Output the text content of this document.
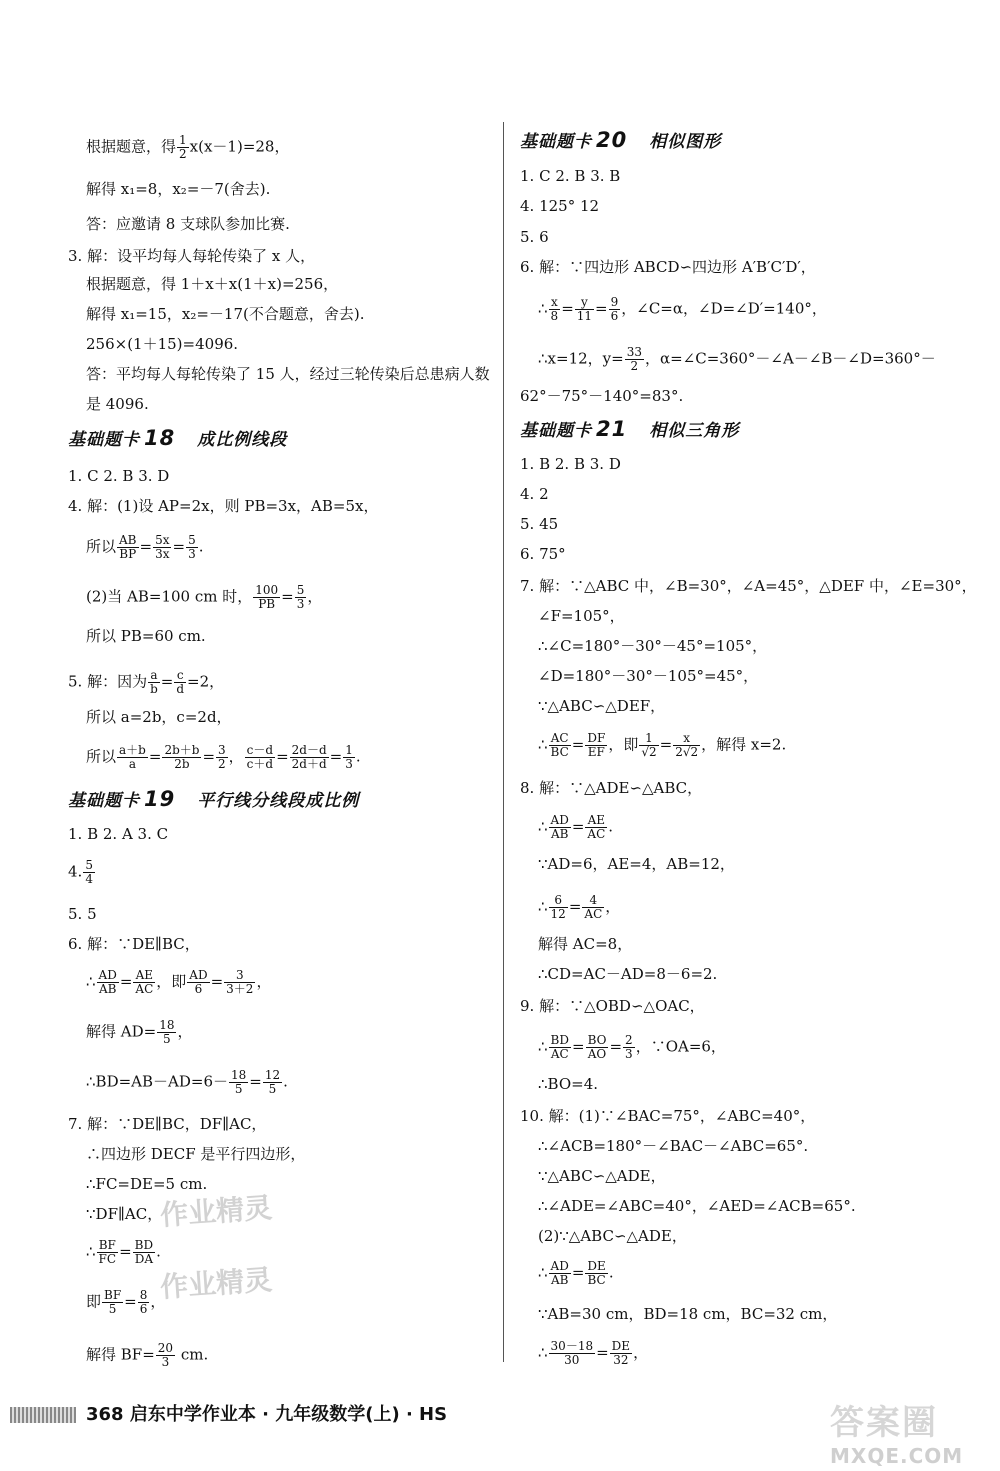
根据题意，得 $\frac{1}{2} x(x-1)=28$，
解得 x₁=8，x₂=－7(舍去).
答：应邀请 8 支球队参加比赛.
3. 解：设平均每人每轮传染了 x 人，
根据题意，得 1＋x＋x(1＋x)=256，
解得 x₁=15，x₂=－17(不合题意，舍去).
256×(1＋15)=4096.
答：平均每人每轮传染了 15 人，经过三轮传染后总患病人数
是 4096.
基础题卡 18 成比例线段
1. C 2. B 3. D
4. 解：(1)设 AP=2x，则 PB=3x，AB=5x，
所以 $\frac{AB}{BP} = \frac{5x}{3x} = \frac{5}{3}$ .
(2)当 AB=100 cm 时， $\frac{100}{PB} = \frac{5}{3}$ ，
所以 PB=60 cm.
5. 解：因为 $\frac{a}{b} = \frac{c}{d} =2$，
所以 a=2b，c=2d，
所以 $\frac{a+b}{a} = \frac{2b+b}{2b} = \frac{3}{2}$ ， $\frac{c-d}{c+d} = \frac{2d-d}{2d+d} = \frac{1}{3}$ .
基础题卡 19 平行线分线段成比例
1. B 2. A 3. C
4. $\frac{5}{4}$
5. 5
6. 解：∵DE∥BC，
∴ $\frac{AD}{AB} = \frac{AE}{AC}$ ，即 $\frac{AD}{6} = \frac{3}{3+2}$ ，
解得 $AD= \frac{18}{5}$ ，
∴BD=AB－AD=6－ $\frac{18}{5} = \frac{12}{5}$ .
7. 解：∵DE∥BC，DF∥AC，
∴四边形 DECF 是平行四边形，
∴FC=DE=5 cm.
∵DF∥AC，
∴ $\frac{BF}{FC} = \frac{BD}{DA}$ .
即 $\frac{BF}{5} = \frac{8}{6}$ ，
解得 $BF= \frac{20}{3}$ cm.
基础题卡 20 相似图形
1. C 2. B 3. B
4. 125° 12
5. 6
6. 解：∵四边形 ABCD∽四边形 A′B′C′D′，
∴ $\frac{x}{8} = \frac{y}{11} = \frac{9}{6}$ ，∠C=α，∠D=∠D′=140°，
∴x=12，$y= \frac{33}{2}$ ，α=∠C=360°－∠A－∠B－∠D=360°－
62°－75°－140°=83°.
基础题卡 21 相似三角形
1. B 2. B 3. D
4. 2
5. 45
6. 75°
7. 解：∵△ABC 中，∠B=30°，∠A=45°，△DEF 中，∠E=30°，
∠F=105°，
∴∠C=180°－30°－45°=105°，
∠D=180°－30°－105°=45°，
∵△ABC∽△DEF，
∴ $\frac{AC}{BC} = \frac{DF}{EF}$ ，即 $\frac{1}{√2} = \frac{x}{2√2}$ ，解得 x=2.
8. 解：∵△ADE∽△ABC，
∴ $\frac{AD}{AB} = \frac{AE}{AC}$ .
∵AD=6，AE=4，AB=12，
∴ $\frac{6}{12} = \frac{4}{AC}$ ，
解得 AC=8，
∴CD=AC－AD=8－6=2.
9. 解：∵△OBD∽△OAC，
∴ $\frac{BD}{AC} = \frac{BO}{AO} = \frac{2}{3}$ ，∵OA=6，
∴BO=4.
10. 解：(1)∵∠BAC=75°，∠ABC=40°，
∴∠ACB=180°－∠BAC－∠ABC=65°.
∵△ABC∽△ADE，
∴∠ADE=∠ABC=40°，∠AED=∠ACB=65°.
(2)∵△ABC∽△ADE，
∴ $\frac{AD}{AB} = \frac{DE}{BC}$ .
∵AB=30 cm，BD=18 cm，BC=32 cm，
∴ $\frac{30-18}{30} = \frac{DE}{32}$ ，
作业精灵
作业精灵
368 启东中学作业本 · 九年级数学(上) · HS	答案圈
MXQE.COM
